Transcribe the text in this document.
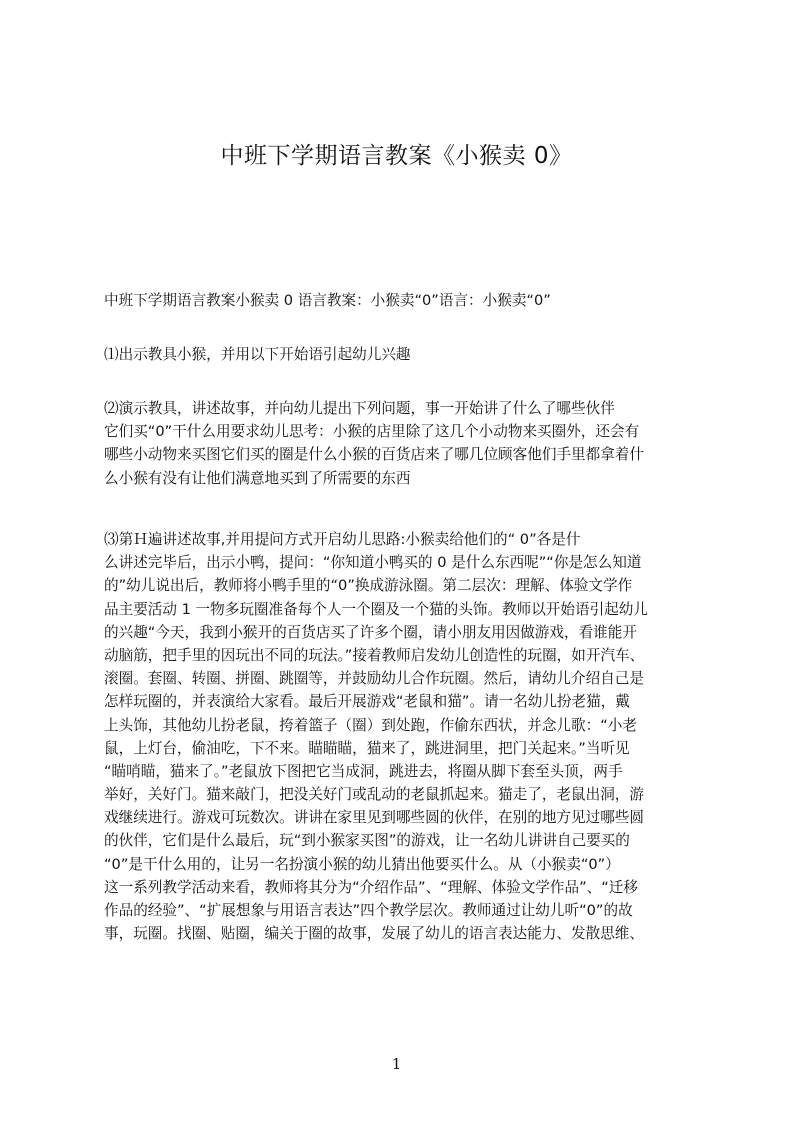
中班下学期语言教案《小猴卖 0》
中班下学期语言教案小猴卖 0 语言教案：小猴卖“0”语言：小猴卖“0”
⑴出示教具小猴，并用以下开始语引起幼儿兴趣
⑵演示教具，讲述故事，并向幼儿提出下列问题，事一开始讲了什么了哪些伙伴
它们买“0”干什么用要求幼儿思考：小猴的店里除了这几个小动物来买圈外，还会有
哪些小动物来买图它们买的圈是什么小猴的百货店来了哪几位顾客他们手里都拿着什
么小猴有没有让他们满意地买到了所需要的东西
⑶第Ｈ遍讲述故事,并用提问方式开启幼儿思路:小猴卖给他们的“ 0”各是什
么讲述完毕后，出示小鸭，提问：“你知道小鸭买的 0 是什么东西呢”“你是怎么知道
的”幼儿说出后，教师将小鸭手里的“0”换成游泳圈。第二层次：理解、体验文学作
品主要活动 1 一物多玩圈准备每个人一个圈及一个猫的头饰。教师以开始语引起幼儿
的兴趣“今天，我到小猴开的百货店买了许多个圈，请小朋友用因做游戏，看谁能开
动脑筋，把手里的因玩出不同的玩法。”接着教师启发幼儿创造性的玩圈，如开汽车、
滚圈。套圈、转圈、拼圈、跳圈等，并鼓励幼儿合作玩圈。然后，请幼儿介绍自己是
怎样玩圈的，并表演给大家看。最后开展游戏“老鼠和猫”。请一名幼儿扮老猫，戴
上头饰，其他幼儿扮老鼠，挎着篮子（圈）到处跑，作偷东西状，并念儿歌：“小老
鼠，上灯台，偷油吃，下不来。瞄瞄瞄，猫来了，跳进洞里，把门关起来。”当听见
“瞄哨瞄，猫来了。”老鼠放下图把它当成洞，跳进去，将圈从脚下套至头顶，两手
举好，关好门。猫来敲门，把没关好门或乱动的老鼠抓起来。猫走了，老鼠出洞，游
戏继续进行。游戏可玩数次。讲讲在家里见到哪些圆的伙伴，在别的地方见过哪些圆
的伙伴，它们是什么最后，玩“到小猴家买图”的游戏，让一名幼儿讲讲自己要买的
“0”是干什么用的，让另一名扮演小猴的幼儿猜出他要买什么。从（小猴卖“0”）
这一系列教学活动来看，教师将其分为“介绍作品”、“理解、体验文学作品”、“迁移
作品的经验”、“扩展想象与用语言表达”四个教学层次。教师通过让幼儿听“0”的故
事，玩圈。找圈、贴圈，编关于圈的故事，发展了幼儿的语言表达能力、发散思维、
1
